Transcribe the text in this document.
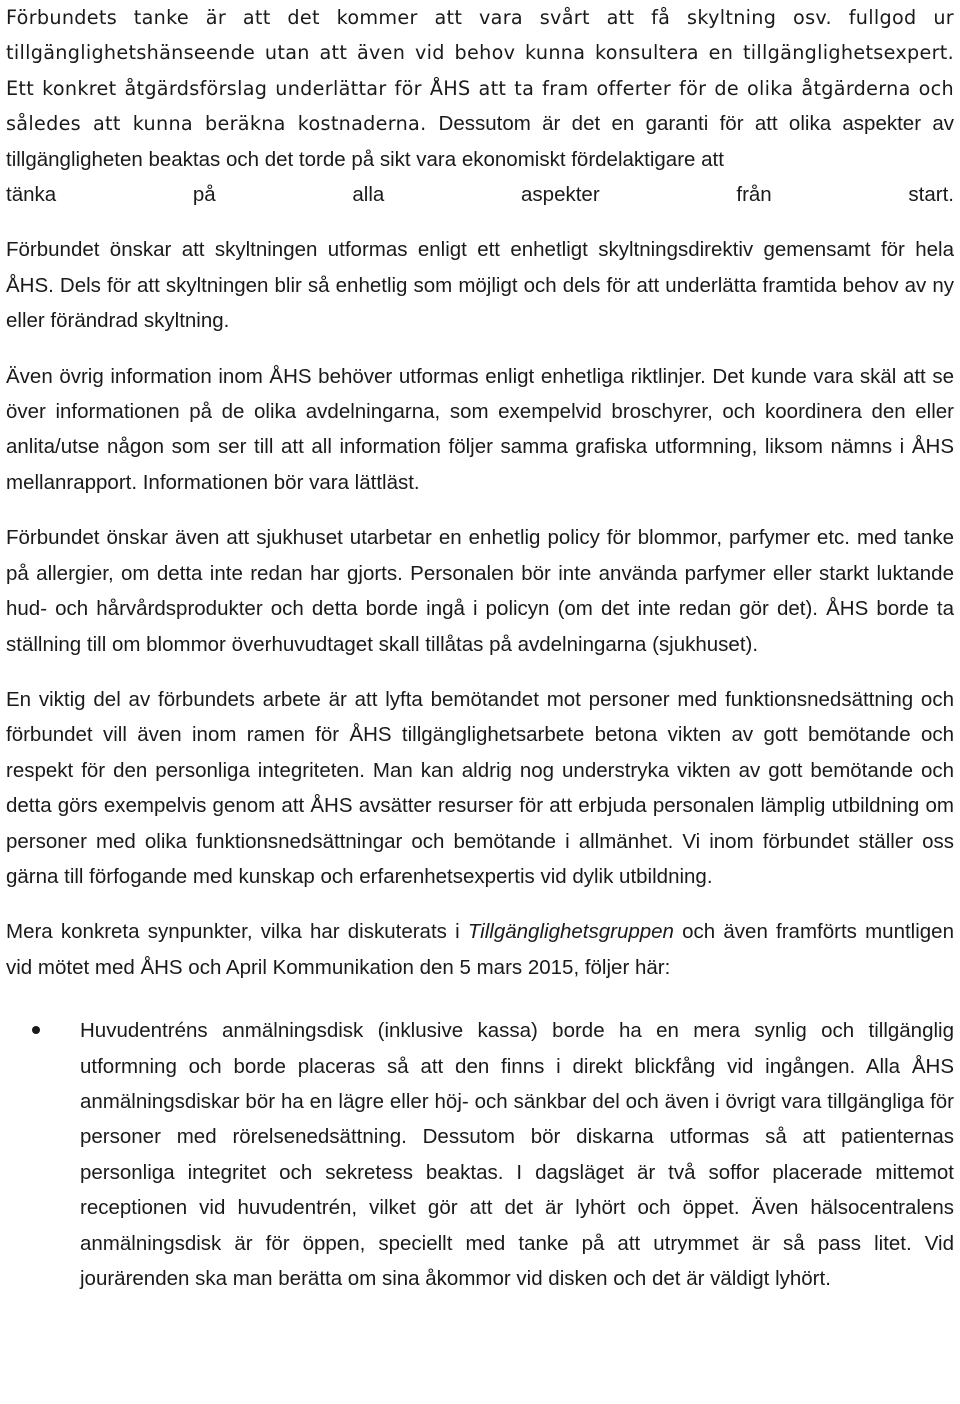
Förbundets tanke är att det kommer att vara svårt att få skyltning osv. fullgod ur tillgänglighetshänseende utan att även vid behov kunna konsultera en tillgänglighetsexpert. Ett konkret åtgärdsförslag underlättar för ÅHS att ta fram offerter för de olika åtgärderna och således att kunna beräkna kostnaderna. Dessutom är det en garanti för att olika aspekter av tillgängligheten beaktas och det torde på sikt vara ekonomiskt fördelaktigare att
tänka på alla aspekter från start.

Förbundet önskar att skyltningen utformas enligt ett enhetligt skyltningsdirektiv gemensamt för hela ÅHS. Dels för att skyltningen blir så enhetlig som möjligt och dels för att underlätta framtida behov av ny eller förändrad skyltning.

Även övrig information inom ÅHS behöver utformas enligt enhetliga riktlinjer. Det kunde vara skäl att se över informationen på de olika avdelningarna, som exempelvid broschyrer, och koordinera den eller anlita/utse någon som ser till att all information följer samma grafiska utformning, liksom nämns i ÅHS mellanrapport. Informationen bör vara lättläst.

Förbundet önskar även att sjukhuset utarbetar en enhetlig policy för blommor, parfymer etc. med tanke på allergier, om detta inte redan har gjorts. Personalen bör inte använda parfymer eller starkt luktande hud- och hårvårdsprodukter och detta borde ingå i policyn (om det inte redan gör det). ÅHS borde ta ställning till om blommor överhuvudtaget skall tillåtas på avdelningarna (sjukhuset).

En viktig del av förbundets arbete är att lyfta bemötandet mot personer med funktionsnedsättning och förbundet vill även inom ramen för ÅHS tillgänglighetsarbete betona vikten av gott bemötande och respekt för den personliga integriteten. Man kan aldrig nog understryka vikten av gott bemötande och detta görs exempelvis genom att ÅHS avsätter resurser för att erbjuda personalen lämplig utbildning om personer med olika funktionsnedsättningar och bemötande i allmänhet. Vi inom förbundet ställer oss gärna till förfogande med kunskap och erfarenhetsexpertis vid dylik utbildning.

Mera konkreta synpunkter, vilka har diskuterats i Tillgänglighetsgruppen och även framförts muntligen vid mötet med ÅHS och April Kommunikation den 5 mars 2015, följer här:

Huvudentréns anmälningsdisk (inklusive kassa) borde ha en mera synlig och tillgänglig utformning och borde placeras så att den finns i direkt blickfång vid ingången. Alla ÅHS anmälningsdiskar bör ha en lägre eller höj- och sänkbar del och även i övrigt vara tillgängliga för personer med rörelsenedsättning. Dessutom bör diskarna utformas så att patienternas personliga integritet och sekretess beaktas. I dagsläget är två soffor placerade mittemot receptionen vid huvudentrén, vilket gör att det är lyhört och öppet. Även hälsocentralens anmälningsdisk är för öppen, speciellt med tanke på att utrymmet är så pass litet. Vid jourärenden ska man berätta om sina åkommor vid disken och det är väldigt lyhört.
